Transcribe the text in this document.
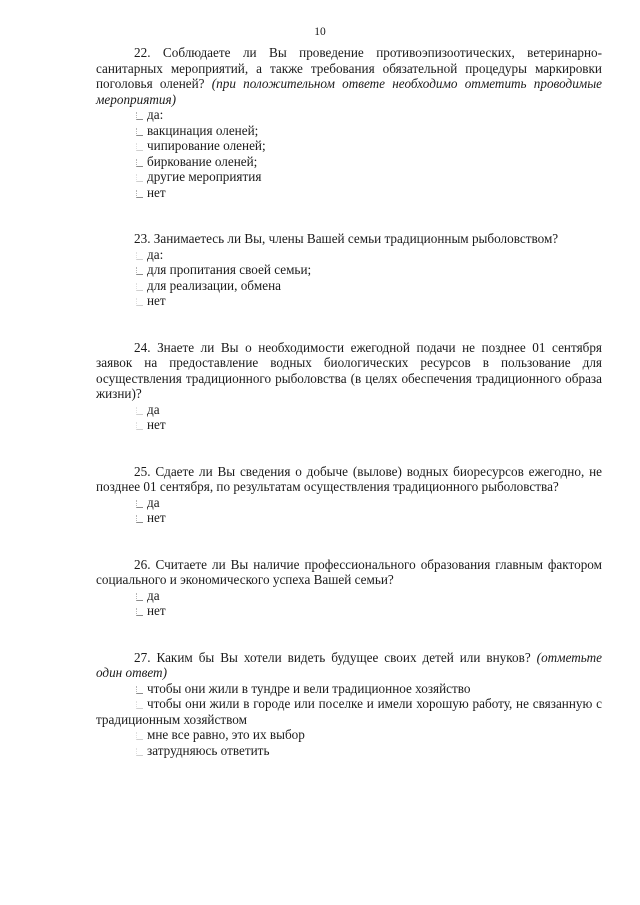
10

22. Соблюдаете ли Вы проведение противоэпизоотических, ветеринарно-санитарных мероприятий, а также требования обязательной процедуры маркировки поголовья оленей? (при положительном ответе необходимо отметить проводимые мероприятия)

да:
вакцинация оленей;
чипирование оленей;
биркование оленей;
другие мероприятия
нет

23. Занимаетесь ли Вы, члены Вашей семьи традиционным рыболовством?

да:
для пропитания своей семьи;
для реализации, обмена
нет

24. Знаете ли Вы о необходимости ежегодной подачи не позднее 01 сентября заявок на предоставление водных биологических ресурсов в пользование для осуществления традиционного рыболовства (в целях обеспечения традиционного образа жизни)?

да
нет

25. Сдаете ли Вы сведения о добыче (вылове) водных биоресурсов ежегодно, не позднее 01 сентября, по результатам осуществления традиционного рыболовства?

да
нет

26. Считаете ли Вы наличие профессионального образования главным фактором социального и экономического успеха Вашей семьи?

да
нет

27. Каким бы Вы хотели видеть будущее своих детей или внуков? (отметьте один ответ)

чтобы они жили в тундре и вели традиционное хозяйство
чтобы они жили в городе или поселке и имели хорошую работу, не связанную с традиционным хозяйством
мне все равно, это их выбор
затрудняюсь ответить
